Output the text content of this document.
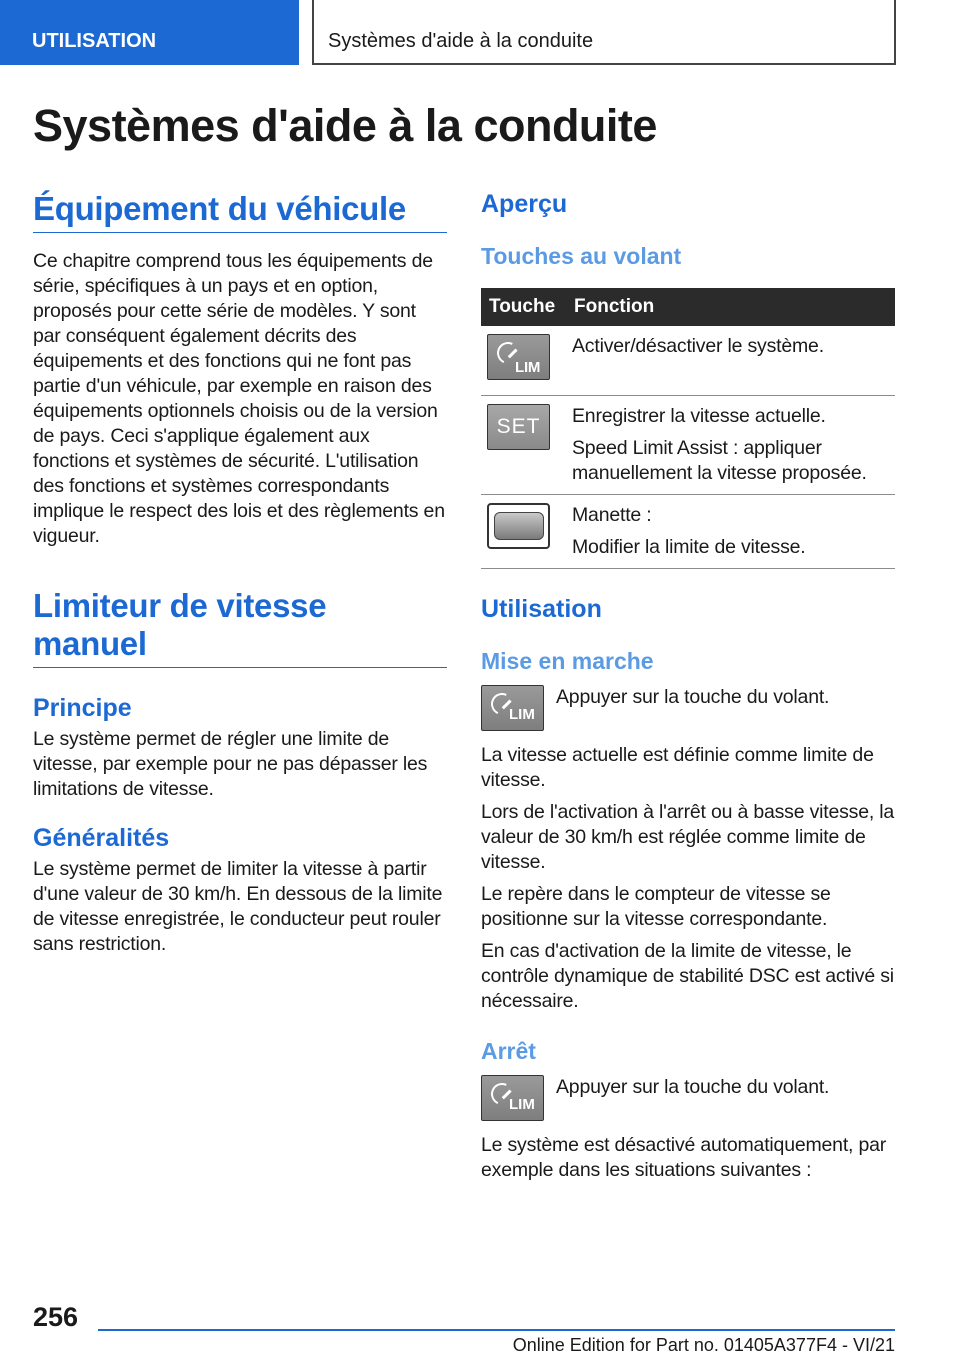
UTILISATION	Systèmes d'aide à la conduite
Systèmes d'aide à la conduite
Équipement du véhicule

Ce chapitre comprend tous les équipements de série, spécifiques à un pays et en option, proposés pour cette série de modèles. Y sont par conséquent également décrits des équipements et des fonctions qui ne font pas partie d'un véhicule, par exemple en raison des équipements optionnels choisis ou de la version de pays. Ceci s'applique également aux fonctions et systèmes de sécurité. L'utilisation des fonctions et systèmes correspondants implique le respect des lois et des règlements en vigueur.

Limiteur de vitesse manuel
Principe

Le système permet de régler une limite de vitesse, par exemple pour ne pas dépasser les limitations de vitesse.

Généralités

Le système permet de limiter la vitesse à partir d'une valeur de 30 km/h. En dessous de la limite de vitesse enregistrée, le conducteur peut rouler sans restriction.

Aperçu
Touches au volant
Touche	Fonction

LIM	Activer/désactiver le système.

SET	Enregistrer la vitesse actuelle.

Speed Limit Assist : appliquer manuellement la vitesse proposée.

	Manette :

Modifier la limite de vitesse.

Utilisation
Mise en marche
LIM

Appuyer sur la touche du volant.

La vitesse actuelle est définie comme limite de vitesse.

Lors de l'activation à l'arrêt ou à basse vitesse, la valeur de 30 km/h est réglée comme limite de vitesse.

Le repère dans le compteur de vitesse se positionne sur la vitesse correspondante.

En cas d'activation de la limite de vitesse, le contrôle dynamique de stabilité DSC est activé si nécessaire.

Arrêt
LIM

Appuyer sur la touche du volant.

Le système est désactivé automatiquement, par exemple dans les situations suivantes :

256
Online Edition for Part no. 01405A377F4 - VI/21
